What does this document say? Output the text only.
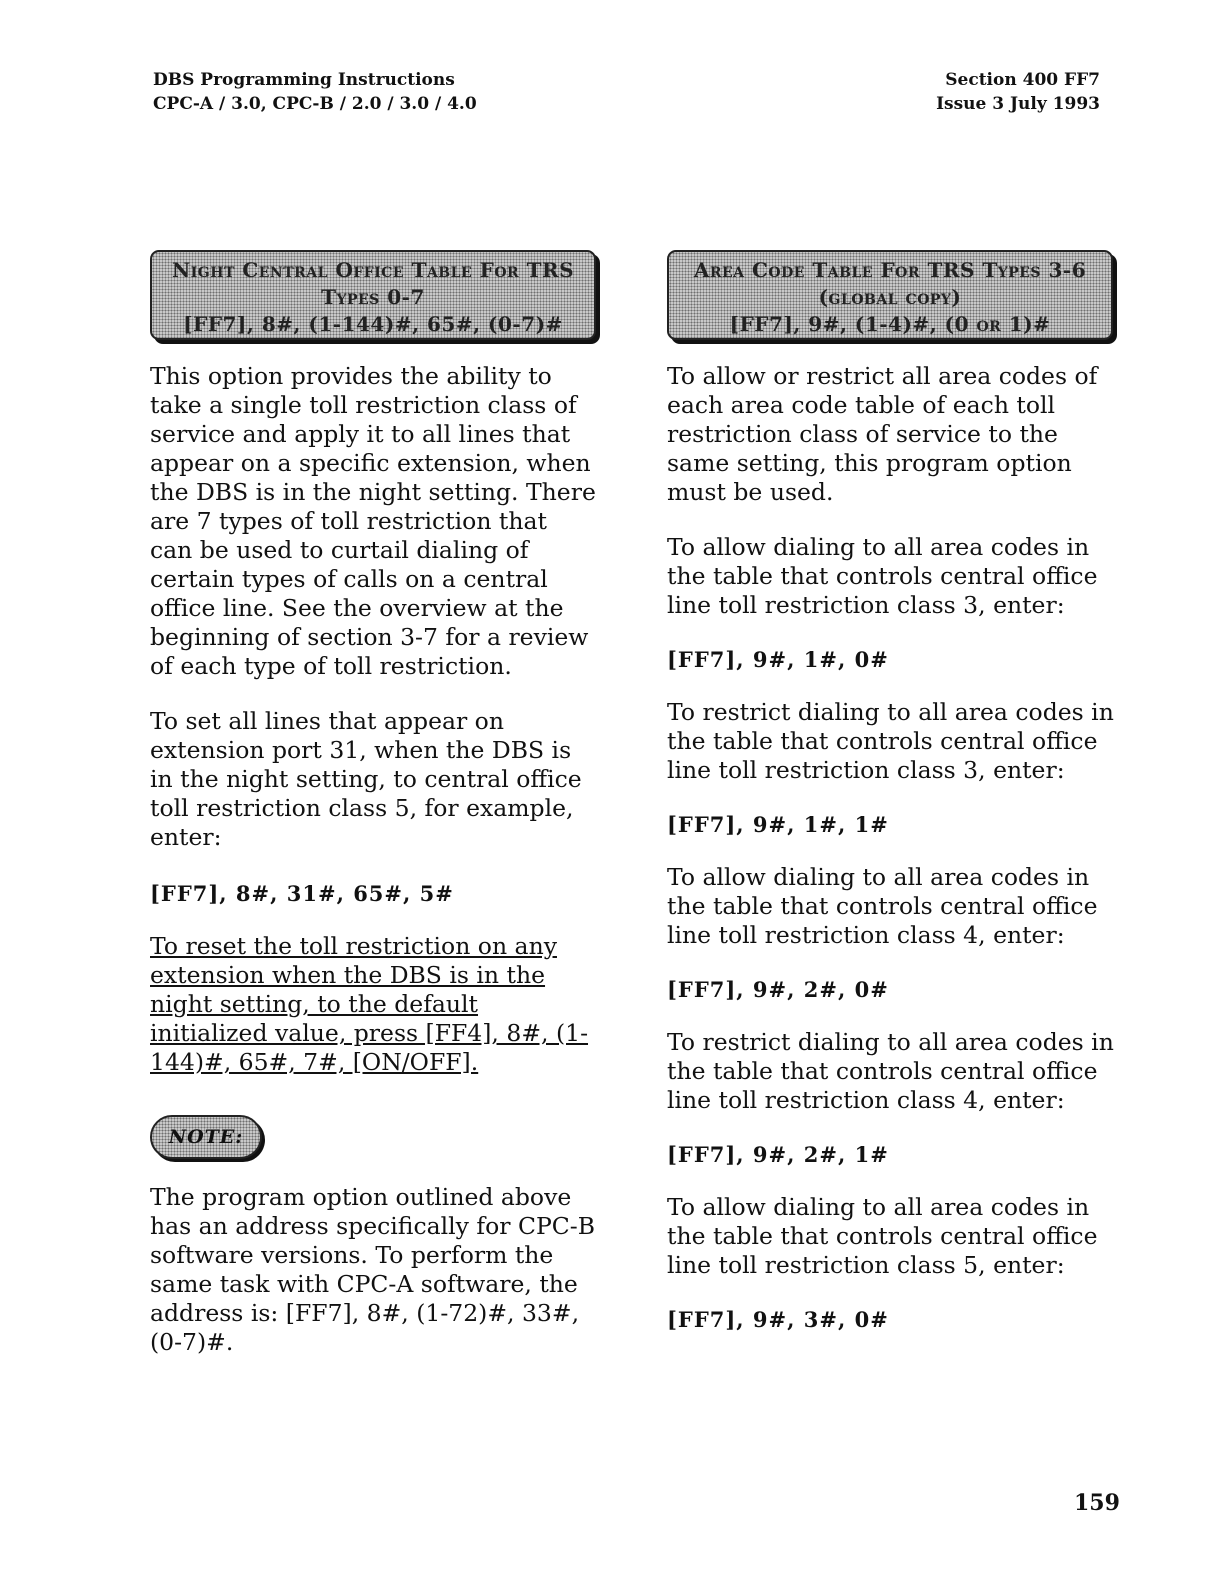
DBS Programming Instructions
CPC-A / 3.0, CPC-B / 2.0 / 3.0 / 4.0
Section 400 FF7
Issue 3 July 1993
Night Central Office Table For TRS
Types 0-7
[FF7], 8#, (1-144)#, 65#, (0-7)#

This option provides the ability to take a single toll restriction class of service and apply it to all lines that appear on a specific extension, when the DBS is in the night setting. There are 7 types of toll restriction that can be used to curtail dialing of certain types of calls on a central office line. See the overview at the beginning of section 3-7 for a review of each type of toll restriction.

To set all lines that appear on extension port 31, when the DBS is in the night setting, to central office toll restriction class 5, for example, enter:

[FF7], 8#, 31#, 65#, 5#

To reset the toll restriction on any extension when the DBS is in the night setting, to the default initialized value, press [FF4], 8#, (1-144)#, 65#, 7#, [ON/OFF].

NOTE:

The program option outlined above has an address specifically for CPC-B software versions. To perform the same task with CPC-A software, the address is: [FF7], 8#, (1-72)#, 33#, (0-7)#.

Area Code Table For TRS Types 3-6
(global copy)
[FF7], 9#, (1-4)#, (0 or 1)#

To allow or restrict all area codes of each area code table of each toll restriction class of service to the same setting, this program option must be used.

To allow dialing to all area codes in the table that controls central office line toll restriction class 3, enter:

[FF7], 9#, 1#, 0#

To restrict dialing to all area codes in the table that controls central office line toll restriction class 3, enter:

[FF7], 9#, 1#, 1#

To allow dialing to all area codes in the table that controls central office line toll restriction class 4, enter:

[FF7], 9#, 2#, 0#

To restrict dialing to all area codes in the table that controls central office line toll restriction class 4, enter:

[FF7], 9#, 2#, 1#

To allow dialing to all area codes in the table that controls central office line toll restriction class 5, enter:

[FF7], 9#, 3#, 0#

159
